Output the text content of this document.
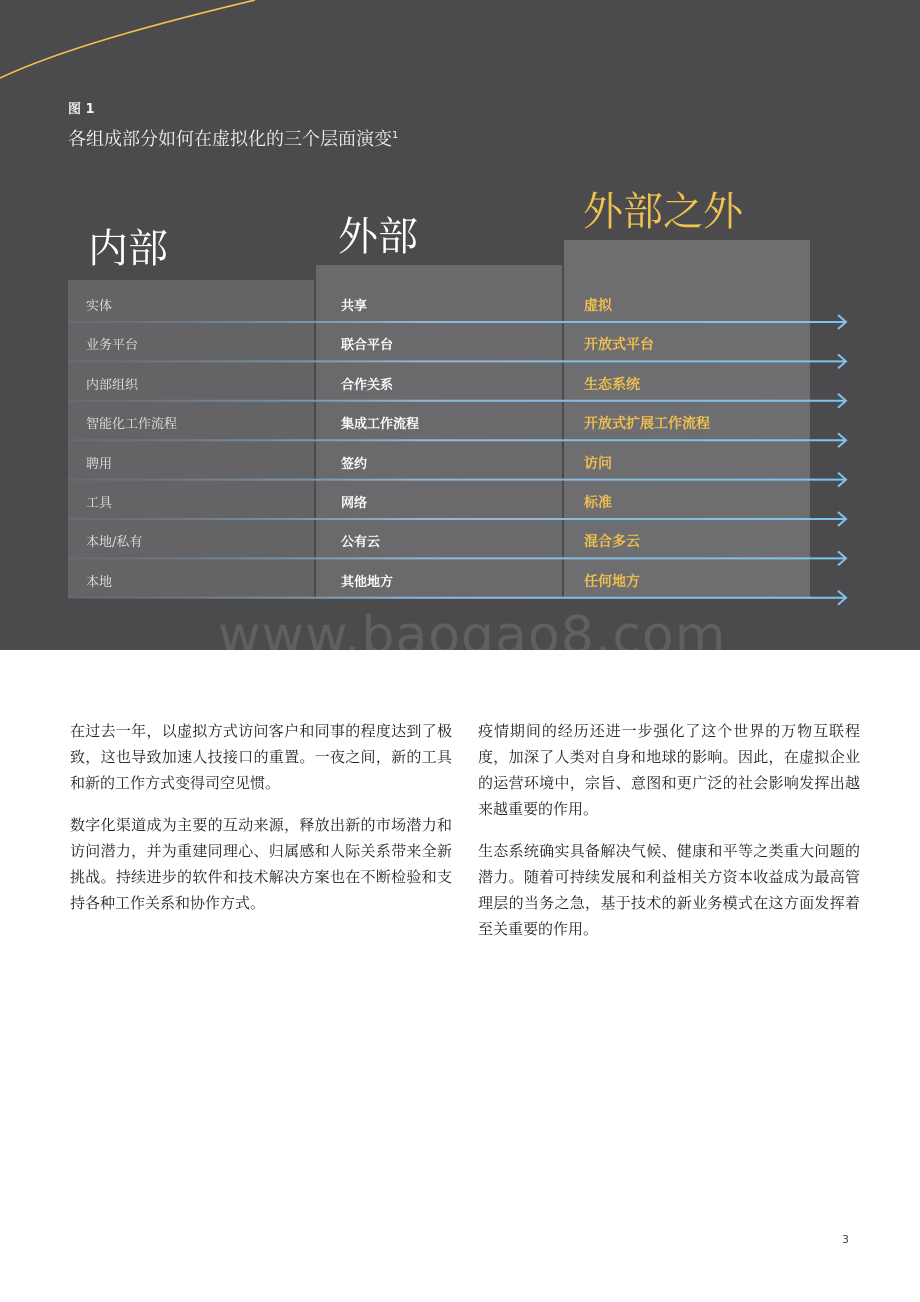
图 1
各组成部分如何在虚拟化的三个层面演变$^1$
内部	外部
外部之外
实体	共享	虚拟
业务平台	联合平台	开放式平台
内部组织	合作关系	生态系统
智能化工作流程	集成工作流程	开放式扩展工作流程
聘用	签约	访问
工具	网络	标准
本地/私有	公有云	混合多云
本地	其他地方	任何地方
www.baogao8.com

在过去一年，以虚拟方式访问客户和同事的程度达到了极致，这也导致加速人技接口的重置。一夜之间，新的工具和新的工作方式变得司空见惯。

数字化渠道成为主要的互动来源，释放出新的市场潜力和访问潜力，并为重建同理心、归属感和人际关系带来全新挑战。持续进步的软件和技术解决方案也在不断检验和支持各种工作关系和协作方式。

疫情期间的经历还进一步强化了这个世界的万物互联程度，加深了人类对自身和地球的影响。因此，在虚拟企业的运营环境中，宗旨、意图和更广泛的社会影响发挥出越来越重要的作用。

生态系统确实具备解决气候、健康和平等之类重大问题的潜力。随着可持续发展和利益相关方资本收益成为最高管理层的当务之急，基于技术的新业务模式在这方面发挥着至关重要的作用。

3
